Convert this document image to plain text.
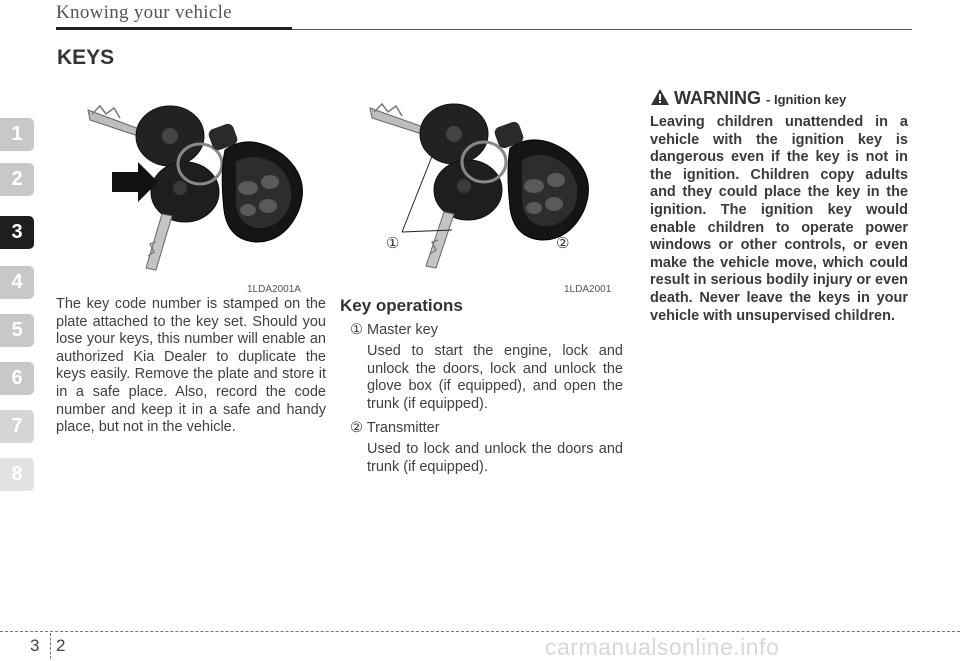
Knowing your vehicle
KEYS
1
2
3
4
5
6
7
8
1LDA2001A
①	②
1LDA2001
The key code number is stamped on the plate attached to the key set. Should you lose your keys, this number will enable an authorized Kia Dealer to duplicate the keys easily. Remove the plate and store it in a safe place. Also, record the code number and keep it in a safe and handy place, but not in the vehicle.
Key operations
① Master key
Used to start the engine, lock and unlock the doors, lock and unlock the glove box (if equipped), and open the trunk (if equipped).
② Transmitter
Used to lock and unlock the doors and trunk (if equipped).
WARNING - Ignition key
Leaving children unattended in a vehicle with the ignition key is dangerous even if the key is not in the ignition. Children copy adults and they could place the key in the ignition. The ignition key would enable children to operate power windows or other controls, or even make the vehicle move, which could result in serious bodily injury or even death. Never leave the keys in your vehicle with unsupervised children.
3 2	carmanualsonline.info
